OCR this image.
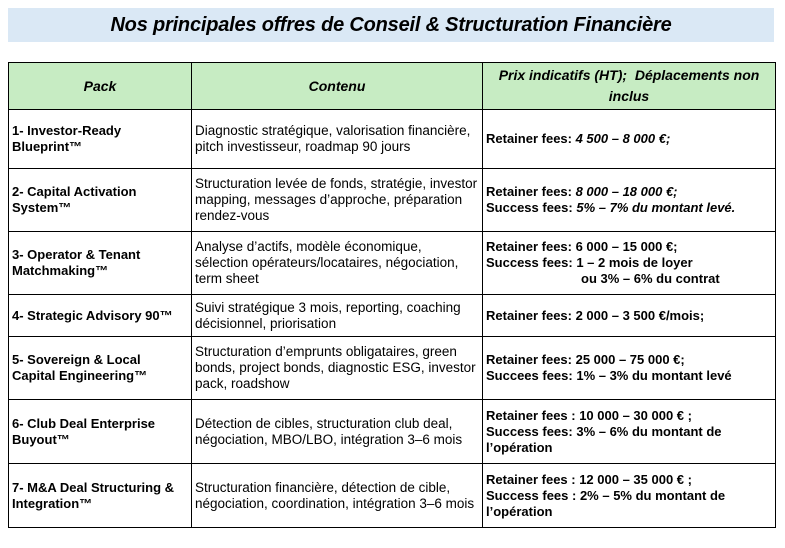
Nos principales offres de Conseil & Structuration Financière
Pack	Contenu	Prix indicatifs (HT); Déplacements non inclus
1- Investor-Ready Blueprint™	Diagnostic stratégique, valorisation financière, pitch investisseur, roadmap 90 jours	Retainer fees: 4 500 – 8 000 €;

2- Capital Activation System™	Structuration levée de fonds, stratégie, investor mapping, messages d’approche, préparation rendez-vous	Retainer fees: 8 000 – 18 000 €;
Success fees: 5% – 7% du montant levé.

3- Operator & Tenant Matchmaking™	Analyse d’actifs, modèle économique, sélection opérateurs/locataires, négociation, term sheet	Retainer fees: 6 000 – 15 000 €;
Success fees: 1 – 2 mois de loyer
ou 3% – 6% du contrat

4- Strategic Advisory 90™	Suivi stratégique 3 mois, reporting, coaching décisionnel, priorisation	Retainer fees: 2 000 – 3 500 €/mois;

5- Sovereign & Local Capital Engineering™	Structuration d’emprunts obligataires, green bonds, project bonds, diagnostic ESG, investor pack, roadshow	Retainer fees: 25 000 – 75 000 €;
Succees fees: 1% – 3% du montant levé

6- Club Deal Enterprise Buyout™	Détection de cibles, structuration club deal, négociation, MBO/LBO, intégration 3–6 mois	Retainer fees : 10 000 – 30 000 € ;
Success fees: 3% – 6% du montant de
l’opération

7- M&A Deal Structuring & Integration™	Structuration financière, détection de cible, négociation, coordination, intégration 3–6 mois	Retainer fees : 12 000 – 35 000 € ;
Success fees : 2% – 5% du montant de
l’opération
